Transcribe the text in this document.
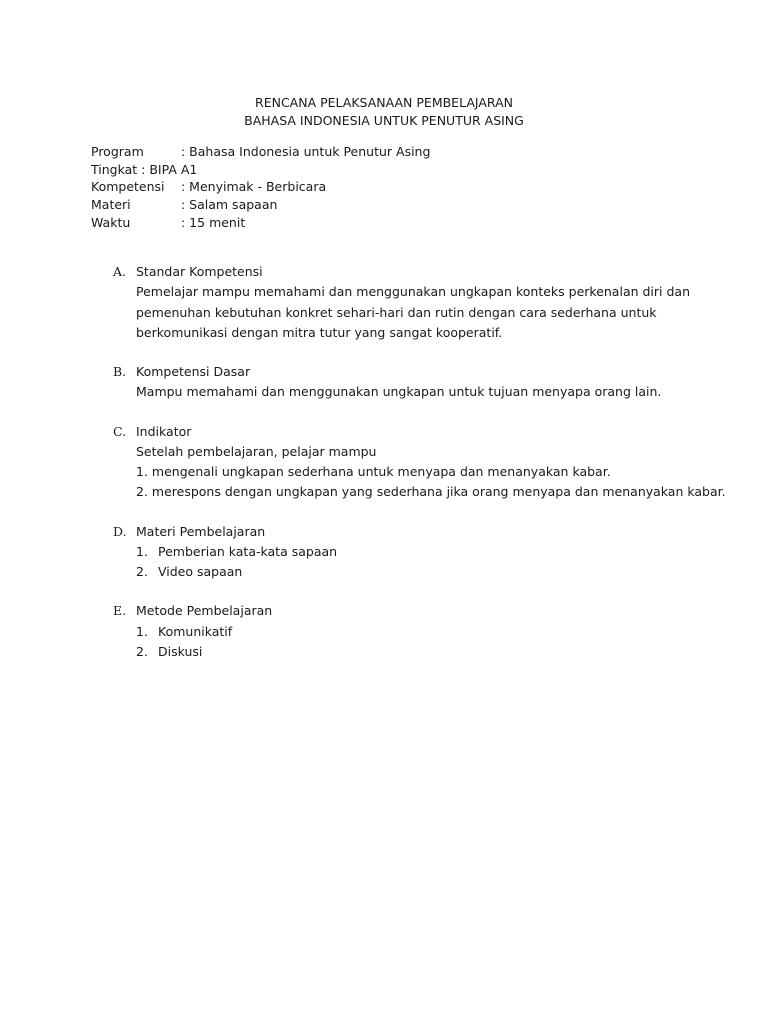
RENCANA PELAKSANAAN PEMBELAJARAN
BAHASA INDONESIA UNTUK PENUTUR ASING
Program	: Bahasa Indonesia untuk Penutur Asing
Tingkat : BIPA A1
Kompetensi : Menyimak - Berbicara
Materi	: Salam sapaan
Waktu	: 15 menit
A. Standar Kompetensi
Pemelajar mampu memahami dan menggunakan ungkapan konteks perkenalan diri dan
pemenuhan kebutuhan konkret sehari-hari dan rutin dengan cara sederhana untuk
berkomunikasi dengan mitra tutur yang sangat kooperatif.
B. Kompetensi Dasar
Mampu memahami dan menggunakan ungkapan untuk tujuan menyapa orang lain.
C. Indikator
Setelah pembelajaran, pelajar mampu
1. mengenali ungkapan sederhana untuk menyapa dan menanyakan kabar.
2. merespons dengan ungkapan yang sederhana jika orang menyapa dan menanyakan kabar.
D. Materi Pembelajaran
1. Pemberian kata-kata sapaan
2. Video sapaan
E. Metode Pembelajaran
1. Komunikatif
2. Diskusi
